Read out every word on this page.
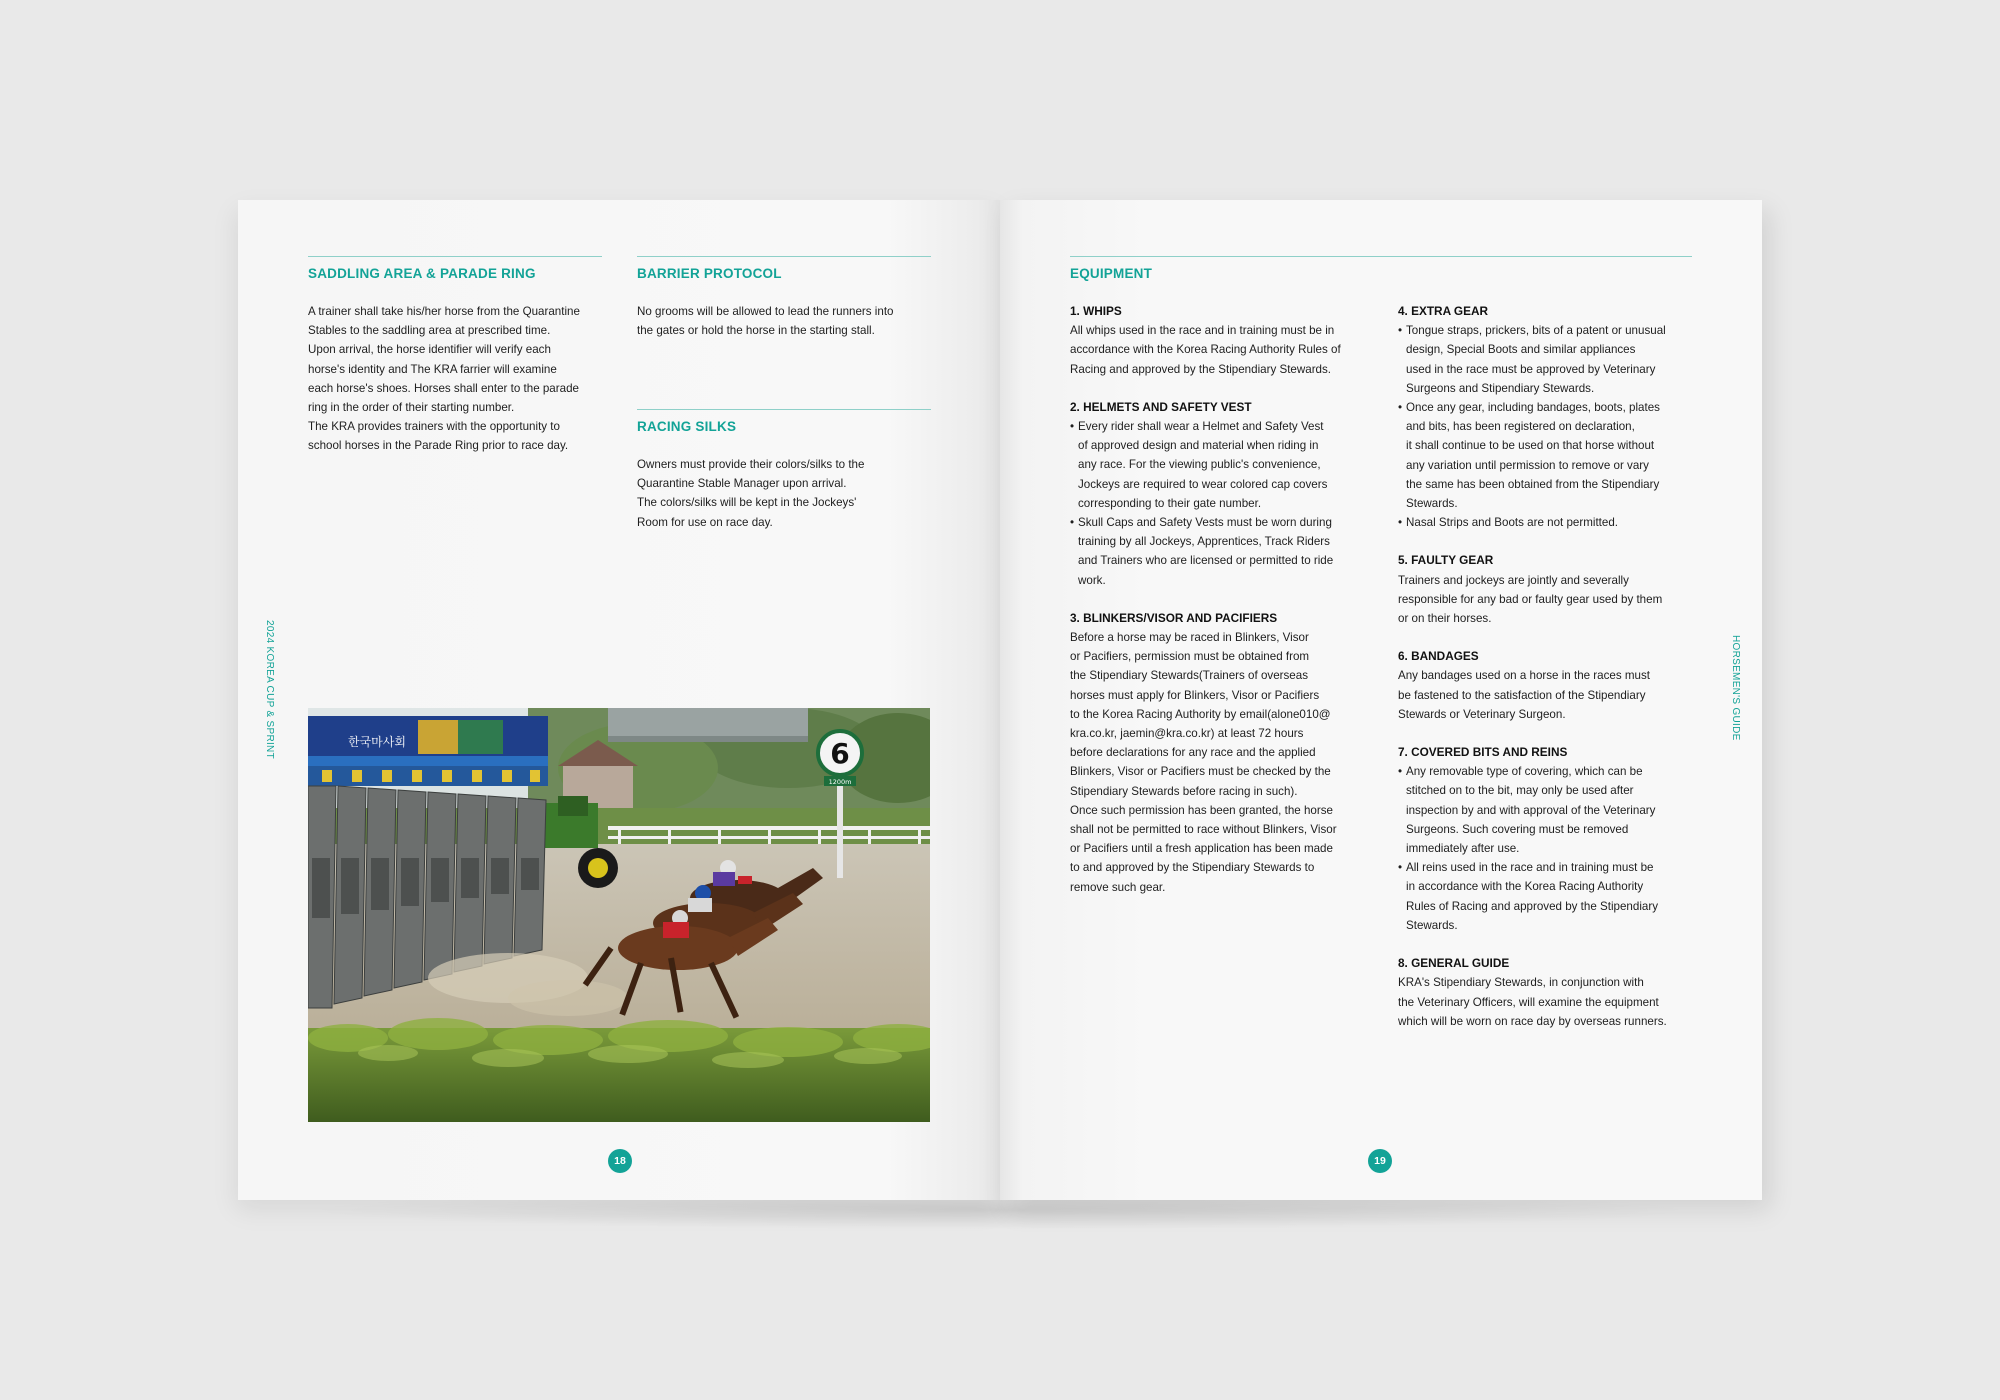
SADDLING AREA & PARADE RING

A trainer shall take his/her horse from the Quarantine

Stables to the saddling area at prescribed time.

Upon arrival, the horse identifier will verify each

horse's identity and The KRA farrier will examine

each horse's shoes. Horses shall enter to the parade

ring in the order of their starting number.

The KRA provides trainers with the opportunity to

school horses in the Parade Ring prior to race day.

BARRIER PROTOCOL

No grooms will be allowed to lead the runners into

the gates or hold the horse in the starting stall.

RACING SILKS

Owners must provide their colors/silks to the

Quarantine Stable Manager upon arrival.

The colors/silks will be kept in the Jockeys'

Room for use on race day.

2024 KOREA CUP & SPRINT	6
1200m
한국마사회
18
EQUIPMENT

1. WHIPS

All whips used in the race and in training must be in

accordance with the Korea Racing Authority Rules of

Racing and approved by the Stipendiary Stewards.

2. HELMETS AND SAFETY VEST

• Every rider shall wear a Helmet and Safety Vest

of approved design and material when riding in

any race. For the viewing public's convenience,

Jockeys are required to wear colored cap covers

corresponding to their gate number.

• Skull Caps and Safety Vests must be worn during

training by all Jockeys, Apprentices, Track Riders

and Trainers who are licensed or permitted to ride

work.

3. BLINKERS/VISOR AND PACIFIERS

Before a horse may be raced in Blinkers, Visor

or Pacifiers, permission must be obtained from

the Stipendiary Stewards(Trainers of overseas

horses must apply for Blinkers, Visor or Pacifiers

to the Korea Racing Authority by email(alone010@

kra.co.kr, jaemin@kra.co.kr) at least 72 hours

before declarations for any race and the applied

Blinkers, Visor or Pacifiers must be checked by the

Stipendiary Stewards before racing in such).

Once such permission has been granted, the horse

shall not be permitted to race without Blinkers, Visor

or Pacifiers until a fresh application has been made

to and approved by the Stipendiary Stewards to

remove such gear.

4. EXTRA GEAR

• Tongue straps, prickers, bits of a patent or unusual

design, Special Boots and similar appliances

used in the race must be approved by Veterinary

Surgeons and Stipendiary Stewards.

• Once any gear, including bandages, boots, plates

and bits, has been registered on declaration,

it shall continue to be used on that horse without

any variation until permission to remove or vary

the same has been obtained from the Stipendiary

Stewards.

• Nasal Strips and Boots are not permitted.

5. FAULTY GEAR

Trainers and jockeys are jointly and severally

responsible for any bad or faulty gear used by them

or on their horses.

6. BANDAGES

Any bandages used on a horse in the races must

be fastened to the satisfaction of the Stipendiary

Stewards or Veterinary Surgeon.

7. COVERED BITS AND REINS

• Any removable type of covering, which can be

stitched on to the bit, may only be used after

inspection by and with approval of the Veterinary

Surgeons. Such covering must be removed

immediately after use.

• All reins used in the race and in training must be

in accordance with the Korea Racing Authority

Rules of Racing and approved by the Stipendiary

Stewards.

8. GENERAL GUIDE

KRA's Stipendiary Stewards, in conjunction with

the Veterinary Officers, will examine the equipment

which will be worn on race day by overseas runners.

HORSEMEN'S GUIDE
19
